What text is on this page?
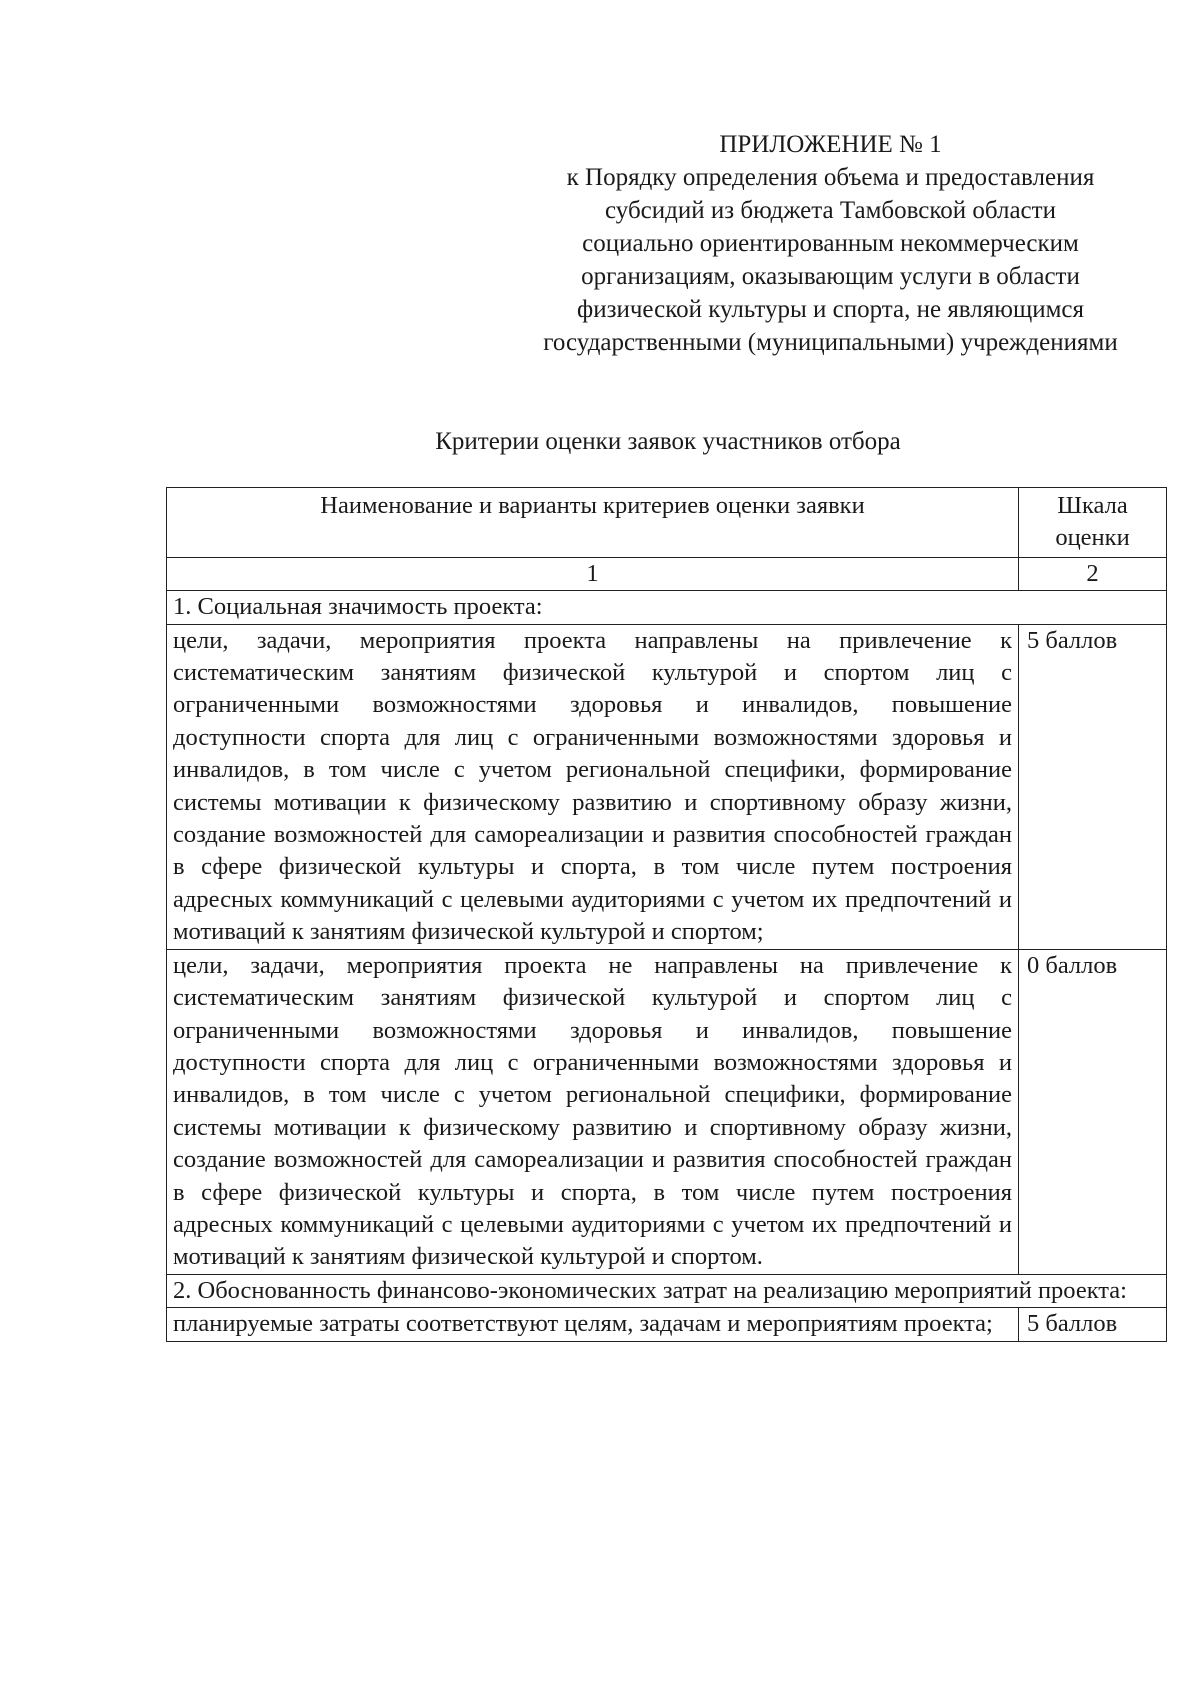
ПРИЛОЖЕНИЕ № 1
к Порядку определения объема и предоставления
субсидий из бюджета Тамбовской области
социально ориентированным некоммерческим
организациям, оказывающим услуги в области
физической культуры и спорта, не являющимся
государственными (муниципальными) учреждениями
Критерии оценки заявок участников отбора
Наименование и варианты критериев оценки заявки	Шкала оценки
1	2
1. Социальная значимость проекта:	
цели, задачи, мероприятия проекта направлены на привлечение к систематическим занятиям физической культурой и спортом лиц с ограниченными возможностями здоровья и инвалидов, повышение доступности спорта для лиц с ограниченными возможностями здоровья и инвалидов, в том числе с учетом региональной специфики, формирование системы мотивации к физическому развитию и спортивному образу жизни, создание возможностей для самореализации и развития способностей граждан в сфере физической культуры и спорта, в том числе путем построения адресных коммуникаций с целевыми аудиториями с учетом их предпочтений и мотиваций к занятиям физической культурой и спортом;	5 баллов
цели, задачи, мероприятия проекта не направлены на привлечение к систематическим занятиям физической культурой и спортом лиц с ограниченными возможностями здоровья и инвалидов, повышение доступности спорта для лиц с ограниченными возможностями здоровья и инвалидов, в том числе с учетом региональной специфики, формирование системы мотивации к физическому развитию и спортивному образу жизни, создание возможностей для самореализации и развития способностей граждан в сфере физической культуры и спорта, в том числе путем построения адресных коммуникаций с целевыми аудиториями с учетом их предпочтений и мотиваций к занятиям физической культурой и спортом.	0 баллов
2. Обоснованность финансово-экономических затрат на реализацию мероприятий проекта:	
планируемые затраты соответствуют целям, задачам и мероприятиям проекта;	5 баллов
